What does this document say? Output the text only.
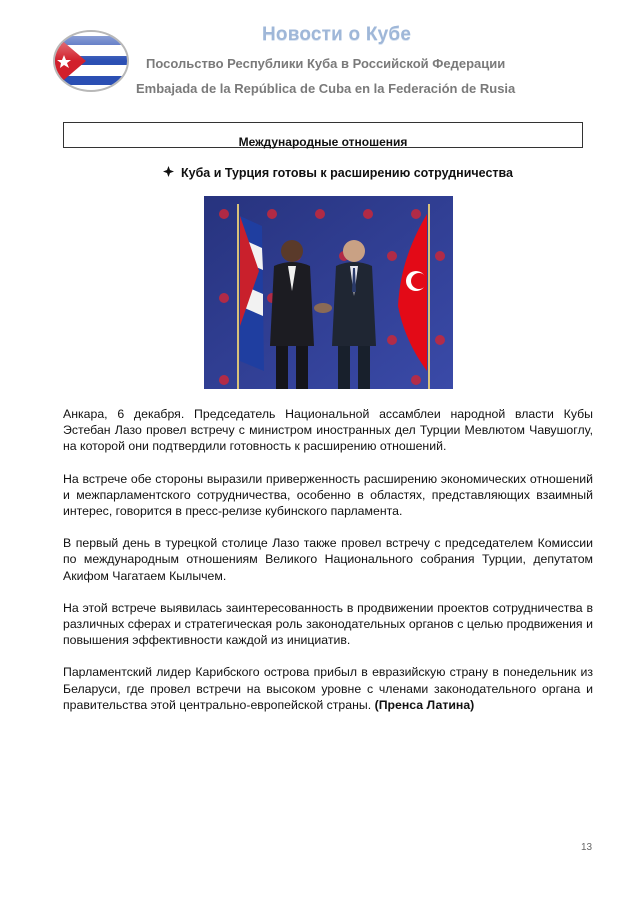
Новости о Кубе
Посольство Республики Куба в Российской Федерации
Embajada de la República de Cuba en la Federación de Rusia
Международные отношения
Куба и Турция готовы к расширению сотрудничества

Анкара, 6 декабря. Председатель Национальной ассамблеи народной власти Кубы Эстебан Лазо провел встречу с министром иностранных дел Турции Мевлютом Чавушоглу, на которой они подтвердили готовность к расширению отношений.

На встрече обе стороны выразили приверженность расширению экономических отношений и межпарламентского сотрудничества, особенно в областях, представляющих взаимный интерес, говорится в пресс-релизе кубинского парламента.

В первый день в турецкой столице Лазо также провел встречу с председателем Комиссии по международным отношениям Великого Национального собрания Турции, депутатом Акифом Чагатаем Кылычем.

На этой встрече выявилась заинтересованность в продвижении проектов сотрудничества в различных сферах и стратегическая роль законодательных органов с целью продвижения и повышения эффективности каждой из инициатив.

Парламентский лидер Карибского острова прибыл в евразийскую страну в понедельник из Беларуси, где провел встречи на высоком уровне с членами законодательного органа и правительства этой центрально-европейской страны. (Пренса Латина)

13
